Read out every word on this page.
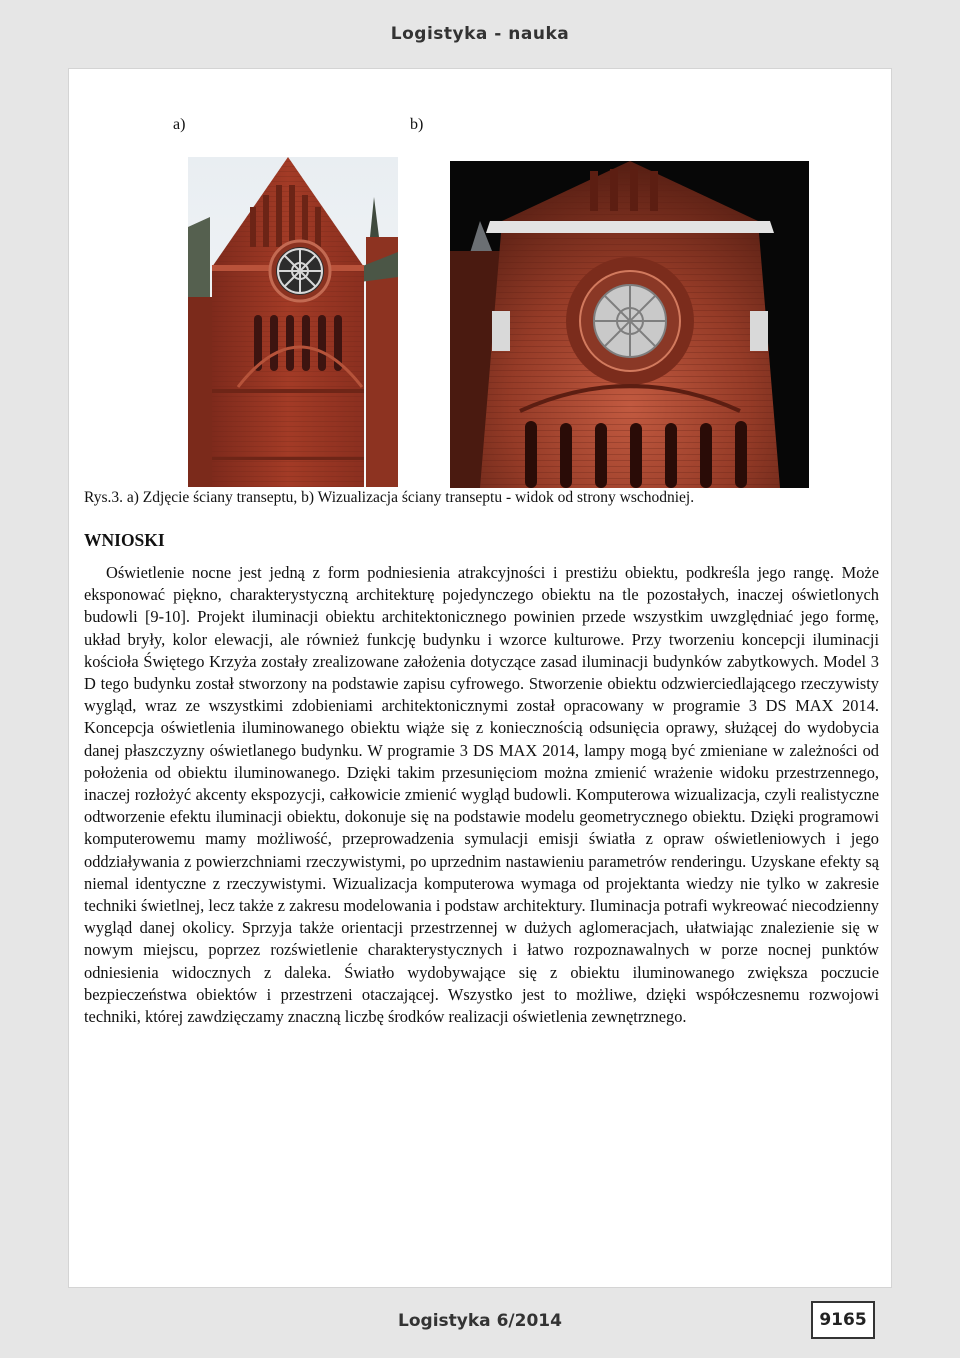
Logistyka - nauka
a)	b)
Rys.3. a) Zdjęcie ściany transeptu, b) Wizualizacja ściany transeptu - widok od strony wschodniej.
WNIOSKI

Oświetlenie nocne jest jedną z form podniesienia atrakcyjności i prestiżu obiektu, podkreśla jego rangę. Może eksponować piękno, charakterystyczną architekturę pojedynczego obiektu na tle pozostałych, inaczej oświetlonych budowli [9-10]. Projekt iluminacji obiektu architektonicznego powinien przede wszystkim uwzględniać jego formę, układ bryły, kolor elewacji, ale również funkcję budynku i wzorce kulturowe. Przy tworzeniu koncepcji iluminacji kościoła Świętego Krzyża zostały zrealizowane założenia dotyczące zasad iluminacji budynków zabytkowych. Model 3 D tego budynku został stworzony na podstawie zapisu cyfrowego. Stworzenie obiektu odzwierciedlającego rzeczywisty wygląd, wraz ze wszystkimi zdobieniami architektonicznymi został opracowany w programie 3 DS MAX 2014. Koncepcja oświetlenia iluminowanego obiektu wiąże się z koniecznością odsunięcia oprawy, służącej do wydobycia danej płaszczyzny oświetlanego budynku. W programie 3 DS MAX 2014, lampy mogą być zmieniane w zależności od położenia od obiektu iluminowanego. Dzięki takim przesunięciom można zmienić wrażenie widoku przestrzennego, inaczej rozłożyć akcenty ekspozycji, całkowicie zmienić wygląd budowli. Komputerowa wizualizacja, czyli realistyczne odtworzenie efektu iluminacji obiektu, dokonuje się na podstawie modelu geometrycznego obiektu. Dzięki programowi komputerowemu mamy możliwość, przeprowadzenia symulacji emisji światła z opraw oświetleniowych i jego oddziaływania z powierzchniami rzeczywistymi, po uprzednim nastawieniu parametrów renderingu. Uzyskane efekty są niemal identyczne z rzeczywistymi. Wizualizacja komputerowa wymaga od projektanta wiedzy nie tylko w zakresie techniki świetlnej, lecz także z zakresu modelowania i podstaw architektury. Iluminacja potrafi wykreować niecodzienny wygląd danej okolicy. Sprzyja także orientacji przestrzennej w dużych aglomeracjach, ułatwiając znalezienie się w nowym miejscu, poprzez rozświetlenie charakterystycznych i łatwo rozpoznawalnych w porze nocnej punktów odniesienia widocznych z daleka. Światło wydobywające się z obiektu iluminowanego zwiększa poczucie bezpieczeństwa obiektów i przestrzeni otaczającej. Wszystko jest to możliwe, dzięki współczesnemu rozwojowi techniki, której zawdzięczamy znaczną liczbę środków realizacji oświetlenia zewnętrznego.

Logistyka 6/2014	9165
